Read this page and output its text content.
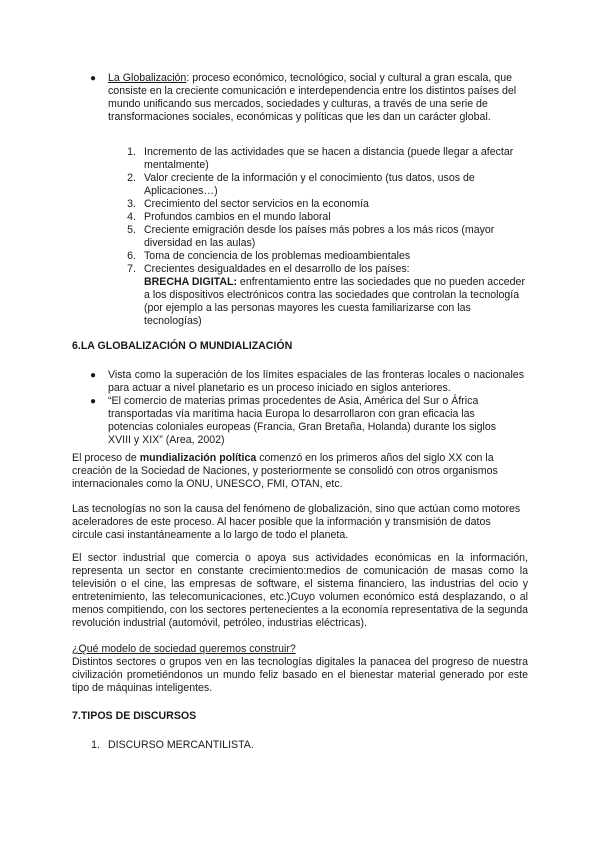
● La Globalización: proceso económico, tecnológico, social y cultural a gran escala, que consiste en la creciente comunicación e interdependencia entre los distintos países del mundo unificando sus mercados, sociedades y culturas, a través de una serie de transformaciones sociales, económicas y políticas que les dan un carácter global.

1. Incremento de las actividades que se hacen a distancia (puede llegar a afectar mentalmente)

2. Valor creciente de la información y el conocimiento (tus datos, usos de Aplicaciones…)

3. Crecimiento del sector servicios en la economía

4. Profundos cambios en el mundo laboral

5. Creciente emigración desde los países más pobres a los más ricos (mayor diversidad en las aulas)

6. Toma de conciencia de los problemas medioambientales

7. Crecientes desigualdades en el desarrollo de los países:

BRECHA DIGITAL: enfrentamiento entre las sociedades que no pueden acceder a los dispositivos electrónicos contra las sociedades que controlan la tecnología (por ejemplo a las personas mayores les cuesta familiarizarse con las tecnologías)

6.LA GLOBALIZACIÓN O MUNDIALIZACIÓN
● Vista como la superación de los límites espaciales de las fronteras locales o nacionales para actuar a nivel planetario es un proceso iniciado en siglos anteriores.

● “El comercio de materias primas procedentes de Asia, América del Sur o África transportadas vía marítima hacia Europa lo desarrollaron con gran eficacia las potencias coloniales europeas (Francia, Gran Bretaña, Holanda) durante los siglos XVIII y XIX” (Area, 2002)

El proceso de mundialización política comenzó en los primeros años del siglo XX con la creación de la Sociedad de Naciones, y posteriormente se consolidó con otros organismos internacionales como la ONU, UNESCO, FMI, OTAN, etc.

Las tecnologías no son la causa del fenómeno de globalización, sino que actúan como motores aceleradores de este proceso. Al hacer posible que la información y transmisión de datos circule casi instantáneamente a lo largo de todo el planeta.

El sector industrial que comercia o apoya sus actividades económicas en la información, representa un sector en constante crecimiento:medios de comunicación de masas como la televisión o el cine, las empresas de software, el sistema financiero, las industrias del ocio y entretenimiento, las telecomunicaciones, etc.)Cuyo volumen económico está desplazando, o al menos compitiendo, con los sectores pertenecientes a la economía representativa de la segunda revolución industrial (automóvil, petróleo, industrias eléctricas).

¿Qué modelo de sociedad queremos construir?

Distintos sectores o grupos ven en las tecnologías digitales la panacea del progreso de nuestra civilización prometiéndonos un mundo feliz basado en el bienestar material generado por este tipo de máquinas inteligentes.

7.TIPOS DE DISCURSOS
1. DISCURSO MERCANTILISTA.
